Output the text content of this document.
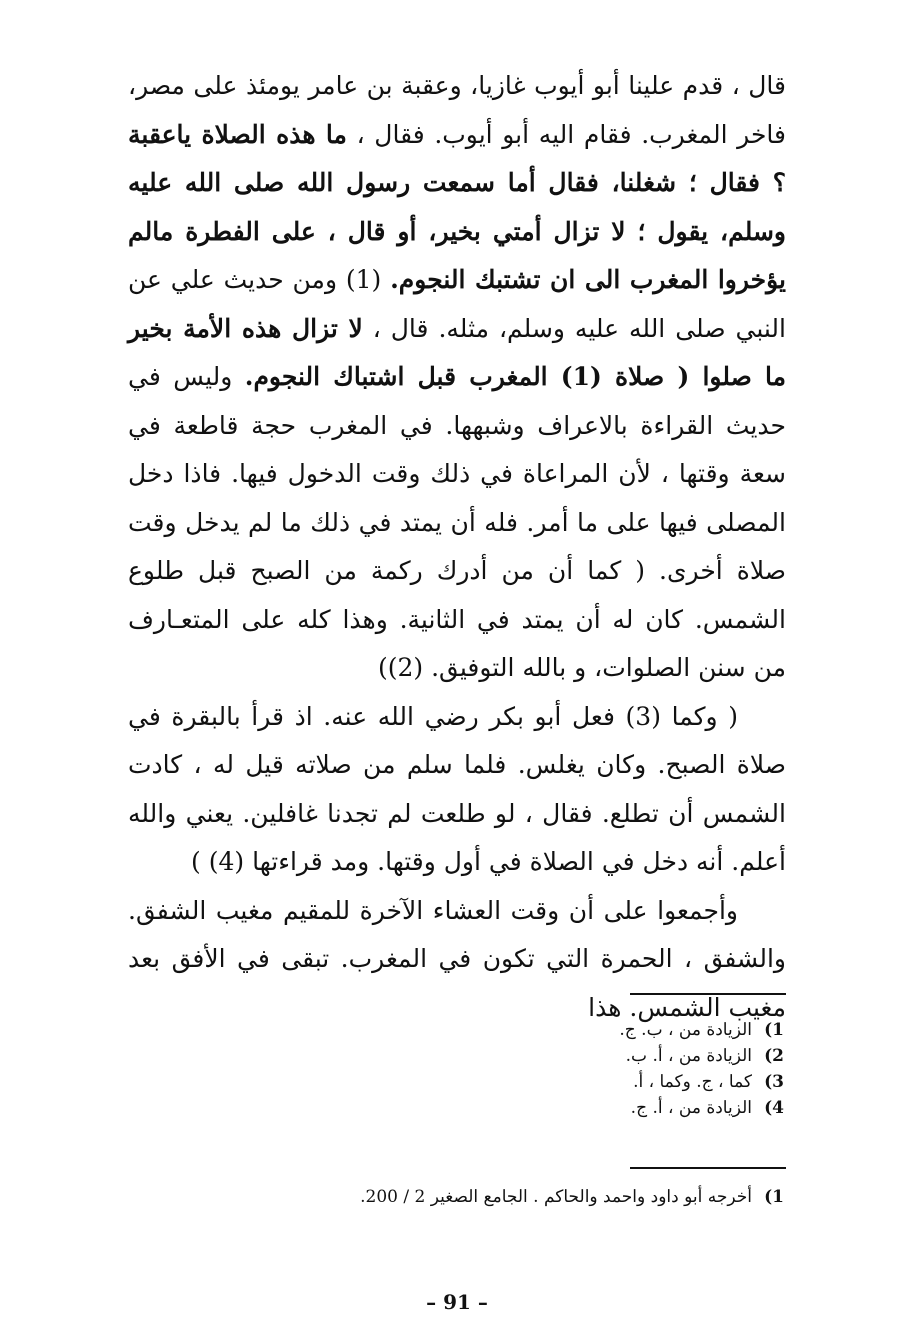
قال ، قدم علينا أبو أيوب غازيا، وعقبة بن عامر يومئذ على مصر، فاخر المغرب. فقام اليه أبو أيوب. فقال ، ما هذه الصلاة ياعقبة ؟ فقال ؛ شغلنا، فقال أما سمعت رسول الله صلى الله عليه وسلم، يقول ؛ لا تزال أمتي بخير، أو قال ، على الفطرة مالم يؤخروا المغرب الى ان تشتبك النجوم. (1) ومن حديث علي عن النبي صلى الله عليه وسلم، مثله. قال ، لا تزال هذه الأمة بخير ما صلوا ( صلاة (1) المغرب قبل اشتباك النجوم. وليس في حديث القراءة بالاعراف وشبهها. في المغرب حجة قاطعة في سعة وقتها ، لأن المراعاة في ذلك وقت الدخول فيها. فاذا دخل المصلى فيها على ما أمر. فله أن يمتد في ذلك ما لم يدخل وقت صلاة أخرى. ( كما أن من أدرك ركمة من الصبح قبل طلوع الشمس. كان له أن يمتد في الثانية. وهذا كله على المتعـارف من سنن الصلوات، و بالله التوفيق. (2))

( وكما (3) فعل أبو بكر رضي الله عنه. اذ قرأ بالبقرة في صلاة الصبح. وكان يغلس. فلما سلم من صلاته قيل له ، كادت الشمس أن تطلع. فقال ، لو طلعت لم تجدنا غافلين. يعني والله أعلم. أنه دخل في الصلاة في أول وقتها. ومد قراءتها (4) )

وأجمعوا على أن وقت العشاء الآخرة للمقيم مغيب الشفق. والشفق ، الحمرة التي تكون في المغرب. تبقى في الأفق بعد مغيب الشمس. هذا

1)
الزيادة من ، ب. ج.
2)
الزيادة من ، أ. ب.
3)
كما ، ج. وكما ، أ.
4)
الزيادة من ، أ. ج.
1)
أخرجه أبو داود واحمد والحاكم . الجامع الصغير 2 / 200.
– 91 –
